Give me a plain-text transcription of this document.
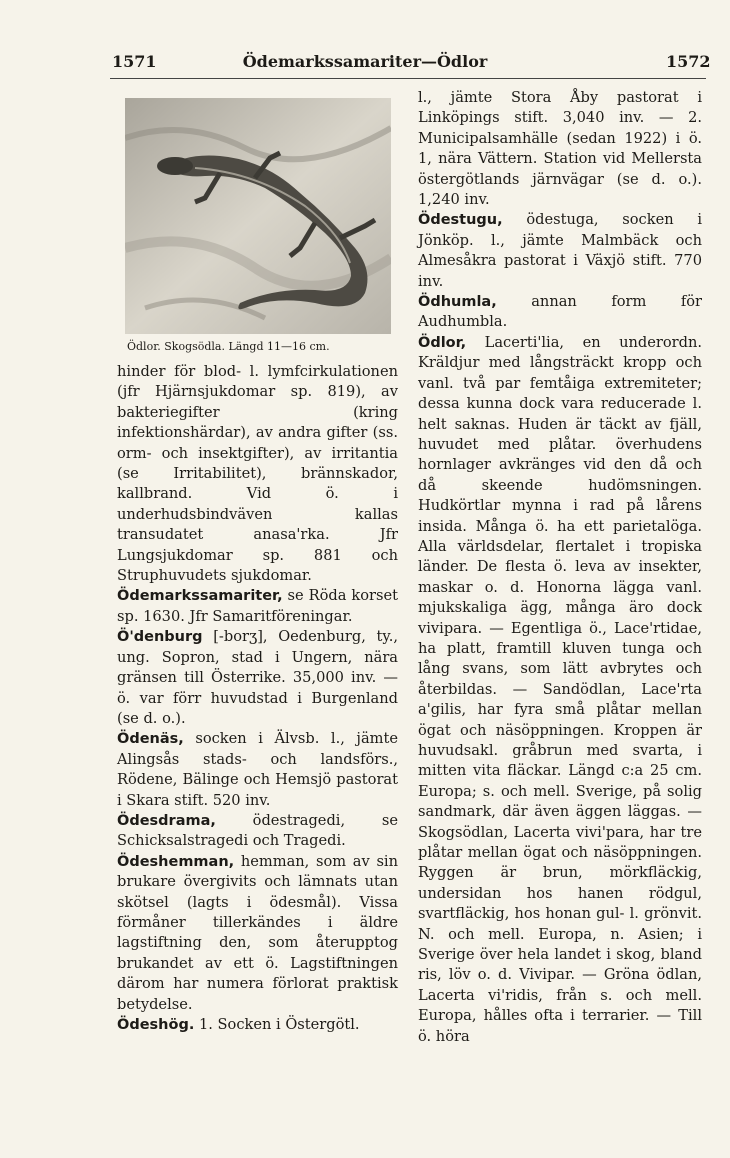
1571	Ödemarkssamariter—Ödlor	1572
Ödlor. Skogsödla. Längd 11—16 cm.

hinder för blod- l. lymfcirkulationen (jfr Hjärnsjukdomar sp. 819), av bakteriegifter (kring infektionshärdar), av andra gifter (ss. orm- och insektgifter), av irritantia (se Irritabilitet), brännskador, kallbrand. Vid ö. i underhudsbindväven kallas transudatet anasa'rka. Jfr Lungsjukdomar sp. 881 och Struphuvudets sjukdomar.

Ödemarkssamariter, se Röda korset sp. 1630. Jfr Samaritföreningar.

Ö'denburg [-borʒ], Oedenburg, ty., ung. Sopron, stad i Ungern, nära gränsen till Österrike. 35,000 inv. — ö. var förr huvudstad i Burgenland (se d. o.).

Ödenäs, socken i Älvsb. l., jämte Alingsås stads- och landsförs., Rödene, Bälinge och Hemsjö pastorat i Skara stift. 520 inv.

Ödesdrama, ödestragedi, se Schicksalstragedi och Tragedi.

Ödeshemman, hemman, som av sin brukare övergivits och lämnats utan skötsel (lagts i ödesmål). Vissa förmåner tillerkändes i äldre lagstiftning den, som återupptog brukandet av ett ö. Lagstiftningen därom har numera förlorat praktisk betydelse.

Ödeshög. 1. Socken i Östergötl.

l., jämte Stora Åby pastorat i Linköpings stift. 3,040 inv. — 2. Municipalsamhälle (sedan 1922) i ö. 1, nära Vättern. Station vid Mellersta östergötlands järnvägar (se d. o.). 1,240 inv.

Ödestugu, ödestuga, socken i Jönköp. l., jämte Malmbäck och Almesåkra pastorat i Växjö stift. 770 inv.

Ödhumla, annan form för Audhumbla.

Ödlor, Lacerti'lia, en underordn. Kräldjur med långsträckt kropp och vanl. två par femtåiga extremiteter; dessa kunna dock vara reducerade l. helt saknas. Huden är täckt av fjäll, huvudet med plåtar. överhudens hornlager avkränges vid den då och då skeende hudömsningen. Hudkörtlar mynna i rad på lårens insida. Många ö. ha ett parietalöga. Alla världsdelar, flertalet i tropiska länder. De flesta ö. leva av insekter, maskar o. d. Honorna lägga vanl. mjukskaliga ägg, många äro dock vivipara. — Egentliga ö., Lace'rtidae, ha platt, framtill kluven tunga och lång svans, som lätt avbrytes och återbildas. — Sandödlan, Lace'rta a'gilis, har fyra små plåtar mellan ögat och näsöppningen. Kroppen är huvudsakl. gråbrun med svarta, i mitten vita fläckar. Längd c:a 25 cm. Europa; s. och mell. Sverige, på solig sandmark, där även äggen läggas. — Skogsödlan, Lacerta vivi'para, har tre plåtar mellan ögat och näsöppningen. Ryggen är brun, mörkfläckig, undersidan hos hanen rödgul, svartfläckig, hos honan gul- l. grönvit. N. och mell. Europa, n. Asien; i Sverige över hela landet i skog, bland ris, löv o. d. Vivipar. — Gröna ödlan, Lacerta vi'ridis, från s. och mell. Europa, hålles ofta i terrarier. — Till ö. höra
